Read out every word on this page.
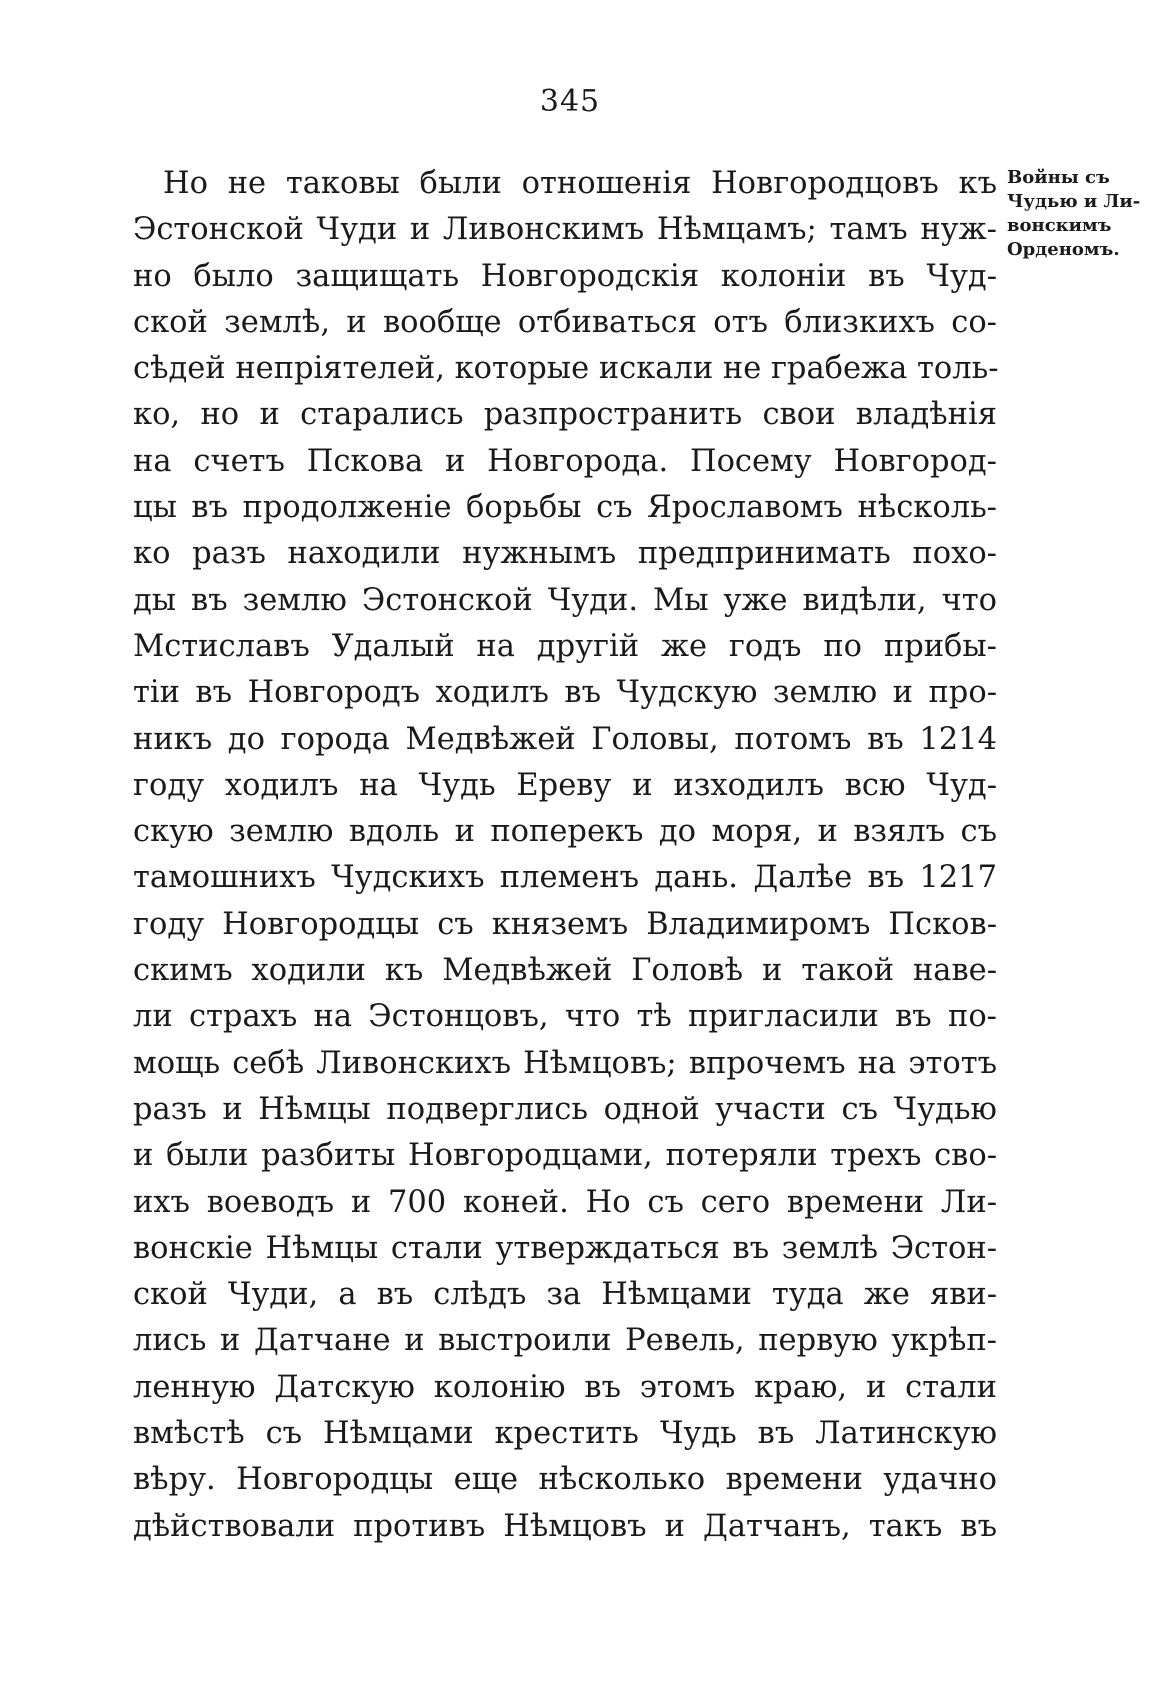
345
Войны съ
Чудью и Ли-
вонскимъ
Орденомъ.
Но не таковы были отношенія Новгородцовъ къ
Эстонской Чуди и Ливонскимъ Нѣмцамъ; тамъ нуж-
но было защищать Новгородскія колоніи въ Чуд-
ской землѣ, и вообще отбиваться отъ близкихъ со-
сѣдей непріятелей, которые искали не грабежа толь-
ко, но и старались разпространить свои владѣнія
на счетъ Пскова и Новгорода. Посему Новгород-
цы въ продолженіе борьбы съ Ярославомъ нѣсколь-
ко разъ находили нужнымъ предпринимать похо-
ды въ землю Эстонской Чуди. Мы уже видѣли, что
Мстиславъ Удалый на другій же годъ по прибы-
тіи въ Новгородъ ходилъ въ Чудскую землю и про-
никъ до города Медвѣжей Головы, потомъ въ 1214
году ходилъ на Чудь Ереву и изходилъ всю Чуд-
скую землю вдоль и поперекъ до моря, и взялъ съ
тамошнихъ Чудскихъ племенъ дань. Далѣе въ 1217
году Новгородцы съ княземъ Владимиромъ Псков-
скимъ ходили къ Медвѣжей Головѣ и такой наве-
ли страхъ на Эстонцовъ, что тѣ пригласили въ по-
мощь себѣ Ливонскихъ Нѣмцовъ; впрочемъ на этотъ
разъ и Нѣмцы подверглись одной участи съ Чудью
и были разбиты Новгородцами, потеряли трехъ сво-
ихъ воеводъ и 700 коней. Но съ сего времени Ли-
вонскіе Нѣмцы стали утверждаться въ землѣ Эстон-
ской Чуди, а въ слѣдъ за Нѣмцами туда же яви-
лись и Датчане и выстроили Ревель, первую укрѣп-
ленную Датскую колонію въ этомъ краю, и стали
вмѣстѣ съ Нѣмцами крестить Чудь въ Латинскую
вѣру. Новгородцы еще нѣсколько времени удачно
дѣйствовали противъ Нѣмцовъ и Датчанъ, такъ въ
